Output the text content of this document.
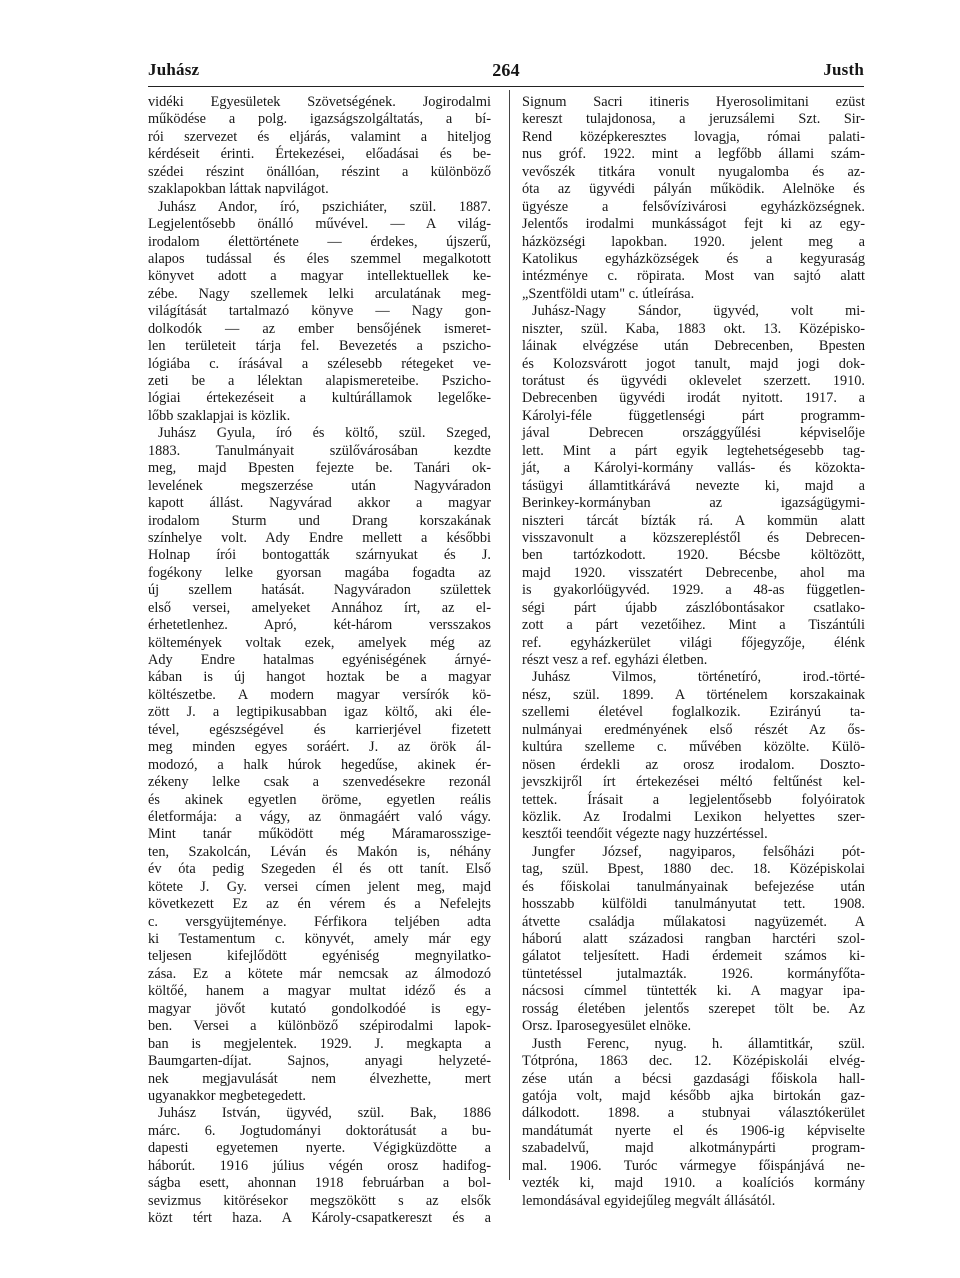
Juhász	264	Justh
vidéki Egyesületek Szövetségének. Jogirodalmi
működése a polg. igazságszolgáltatás, a bí-
rói szervezet és eljárás, valamint a hiteljog
kérdéseit érinti. Értekezései, előadásai és be-
szédei részint önállóan, részint a különböző
szaklapokban láttak napvilágot.
Juhász Andor, író, pszichiáter, szül. 1887.
Legjelentősebb önálló művével. — A világ-
irodalom élettörténete — érdekes, újszerű,
alapos tudással és éles szemmel megalkotott
könyvet adott a magyar intellektuellek ke-
zébe. Nagy szellemek lelki arculatának meg-
világítását tartalmazó könyve — Nagy gon-
dolkodók — az ember bensőjének ismeret-
len területeit tárja fel. Bevezetés a pszicho-
lógiába c. írásával a szélesebb rétegeket ve-
zeti be a lélektan alapismereteibe. Pszicho-
lógiai értekezéseit a kultúrállamok legelőke-
lőbb szaklapjai is közlik.
Juhász Gyula, író és költő, szül. Szeged,
1883. Tanulmányait szülővárosában kezdte
meg, majd Bpesten fejezte be. Tanári ok-
levelének megszerzése után Nagyváradon
kapott állást. Nagyvárad akkor a magyar
irodalom Sturm und Drang korszakának
színhelye volt. Ady Endre mellett a későbbi
Holnap írói bontogatták szárnyukat és J.
fogékony lelke gyorsan magába fogadta az
új szellem hatását. Nagyváradon születtek
első versei, amelyeket Annához írt, az el-
érhetetlenhez. Apró, két-három versszakos
költemények voltak ezek, amelyek még az
Ady Endre hatalmas egyéniségének árnyé-
kában is új hangot hoztak be a magyar
költészetbe. A modern magyar versírók kö-
zött J. a legtipikusabban igaz költő, aki éle-
tével, egészségével és karrierjével fizetett
meg minden egyes soráért. J. az örök ál-
modozó, a halk húrok hegedűse, akinek ér-
zékeny lelke csak a szenvedésekre rezonál
és akinek egyetlen öröme, egyetlen reális
életformája: a vágy, az önmagáért való vágy.
Mint tanár működött még Máramarosszige-
ten, Szakolcán, Léván és Makón is, néhány
év óta pedig Szegeden él és ott tanít. Első
kötete J. Gy. versei címen jelent meg, majd
következett Ez az én vérem és a Nefelejts
c. versgyüjteménye. Férfikora teljében adta
ki Testamentum c. könyvét, amely már egy
teljesen kifejlődött egyéniség megnyilatko-
zása. Ez a kötete már nemcsak az álmodozó
költőé, hanem a magyar multat idéző és a
magyar jövőt kutató gondolkodóé is egy-
ben. Versei a különböző szépirodalmi lapok-
ban is megjelentek. 1929. J. megkapta a
Baumgarten-díjat. Sajnos, anyagi helyzeté-
nek megjavulását nem élvezhette, mert
ugyanakkor megbetegedett.
Juhász István, ügyvéd, szül. Bak, 1886
márc. 6. Jogtudományi doktorátusát a bu-
dapesti egyetemen nyerte. Végigküzdötte a
háborút. 1916 július végén orosz hadifog-
ságba esett, ahonnan 1918 februárban a bol-
sevizmus kitörésekor megszökött s az elsők
közt tért haza. A Károly-csapatkereszt és a
Signum Sacri itineris Hyerosolimitani ezüst
kereszt tulajdonosa, a jeruzsálemi Szt. Sir-
Rend középkeresztes lovagja, római palati-
nus gróf. 1922. mint a legfőbb állami szám-
vevőszék titkára vonult nyugalomba és az-
óta az ügyvédi pályán működik. Alelnöke és
ügyésze a felsővízivárosi egyházközségnek.
Jelentős irodalmi munkásságot fejt ki az egy-
házközségi lapokban. 1920. jelent meg a
Katolikus egyházközségek és a kegyuraság
intézménye c. röpirata. Most van sajtó alatt
„Szentföldi utam" c. útleírása.
Juhász-Nagy Sándor, ügyvéd, volt mi-
niszter, szül. Kaba, 1883 okt. 13. Középisko-
láinak elvégzése után Debrecenben, Bpesten
és Kolozsvárott jogot tanult, majd jogi dok-
torátust és ügyvédi oklevelet szerzett. 1910.
Debrecenben ügyvédi irodát nyitott. 1917. a
Károlyi-féle függetlenségi párt programm-
jával Debrecen országgyűlési képviselője
lett. Mint a párt egyik legtehetségesebb tag-
ját, a Károlyi-kormány vallás- és közokta-
tásügyi államtitkárává nevezte ki, majd a
Berinkey-kormányban az igazságügymi-
niszteri tárcát bízták rá. A kommün alatt
visszavonult a közszerepléstől és Debrecen-
ben tartózkodott. 1920. Bécsbe költözött,
majd 1920. visszatért Debrecenbe, ahol ma
is gyakorlóügyvéd. 1929. a 48-as független-
ségi párt újabb zászlóbontásakor csatlako-
zott a párt vezetőihez. Mint a Tiszántúli
ref. egyházkerület világi főjegyzője, élénk
részt vesz a ref. egyházi életben.
Juhász Vilmos, történetíró, irod.-törté-
nész, szül. 1899. A történelem korszakainak
szellemi életével foglalkozik. Ezirányú ta-
nulmányai eredményének első részét Az ős-
kultúra szelleme c. művében közölte. Külö-
nösen érdekli az orosz irodalom. Doszto-
jevszkijről írt értekezései méltó feltűnést kel-
tettek. Írásait a legjelentősebb folyóiratok
közlik. Az Irodalmi Lexikon helyettes szer-
kesztői teendőit végezte nagy huzzértéssel.
Jungfer József, nagyiparos, felsőházi pót-
tag, szül. Bpest, 1880 dec. 18. Középiskolai
és főiskolai tanulmányainak befejezése után
hosszabb külföldi tanulmányutat tett. 1908.
átvette családja műlakatosi nagyüzemét. A
háború alatt századosi rangban harctéri szol-
gálatot teljesített. Hadi érdemeit számos ki-
tüntetéssel jutalmazták. 1926. kormányfőta-
nácsosi címmel tüntették ki. A magyar ipa-
rosság életében jelentős szerepet tölt be. Az
Orsz. Iparosegyesület elnöke.
Justh Ferenc, nyug. h. államtitkár, szül.
Tótpróna, 1863 dec. 12. Középiskolái elvég-
zése után a bécsi gazdasági főiskola hall-
gatója volt, majd később ajka birtokán gaz-
dálkodott. 1898. a stubnyai választókerület
mandátumát nyerte el és 1906-ig képviselte
szabadelvű, majd alkotmánypárti program-
mal. 1906. Turóc vármegye főispánjává ne-
vezték ki, majd 1910. a koalíciós kormány
lemondásával egyidejűleg megvált állásától.
